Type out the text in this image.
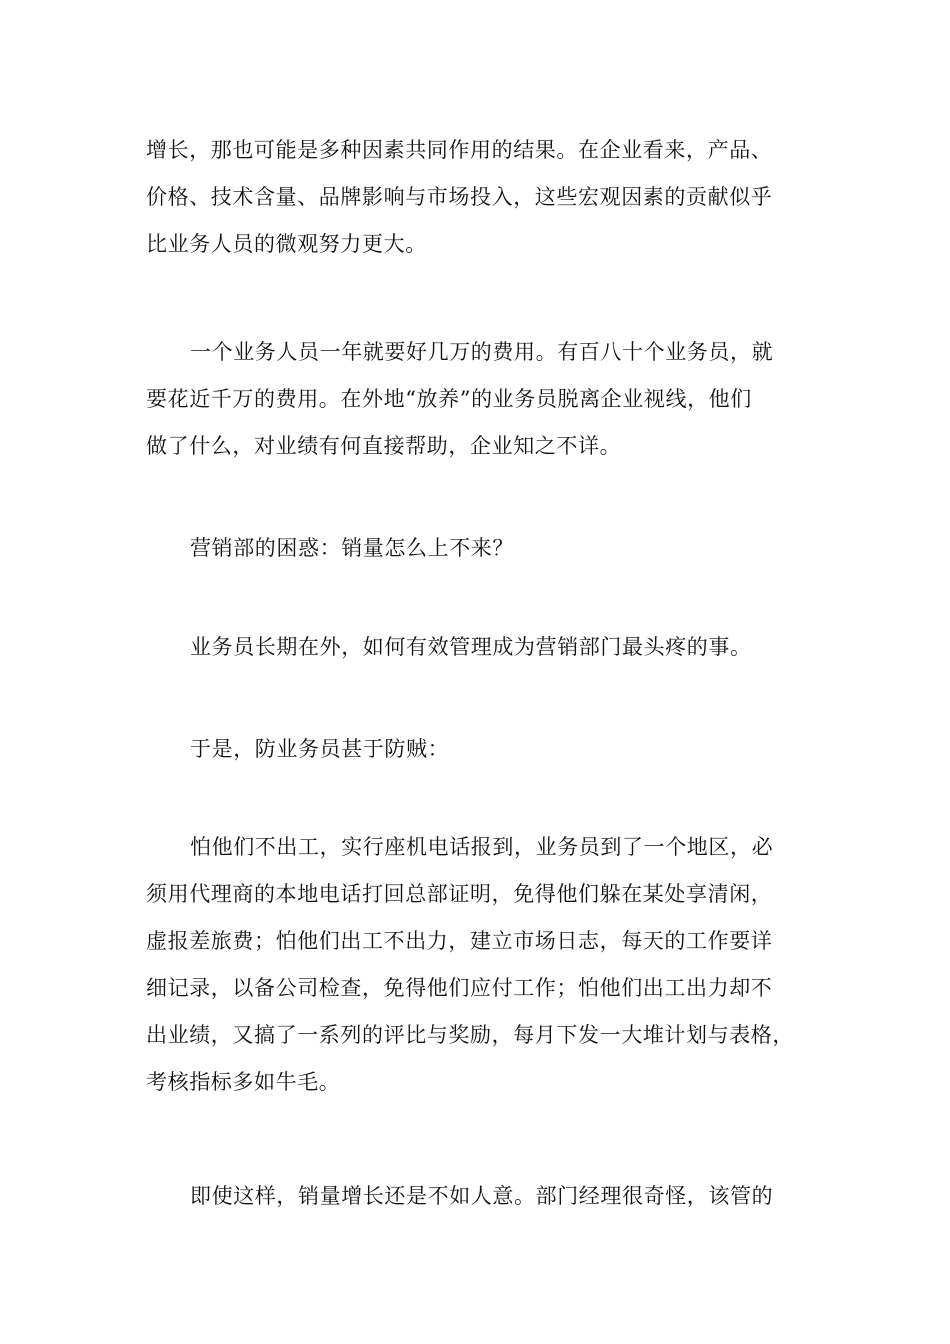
增长，那也可能是多种因素共同作用的结果。在企业看来，产品、
价格、技术含量、品牌影响与市场投入，这些宏观因素的贡献似乎
比业务人员的微观努力更大。

一个业务人员一年就要好几万的费用。有百八十个业务员，就
要花近千万的费用。在外地“放养”的业务员脱离企业视线，他们
做了什么，对业绩有何直接帮助，企业知之不详。

营销部的困惑：销量怎么上不来？

业务员长期在外，如何有效管理成为营销部门最头疼的事。

于是，防业务员甚于防贼：

怕他们不出工，实行座机电话报到，业务员到了一个地区，必
须用代理商的本地电话打回总部证明，免得他们躲在某处享清闲，
虚报差旅费；怕他们出工不出力，建立市场日志，每天的工作要详
细记录，以备公司检查，免得他们应付工作；怕他们出工出力却不
出业绩，又搞了一系列的评比与奖励，每月下发一大堆计划与表格，
考核指标多如牛毛。

即使这样，销量增长还是不如人意。部门经理很奇怪，该管的
